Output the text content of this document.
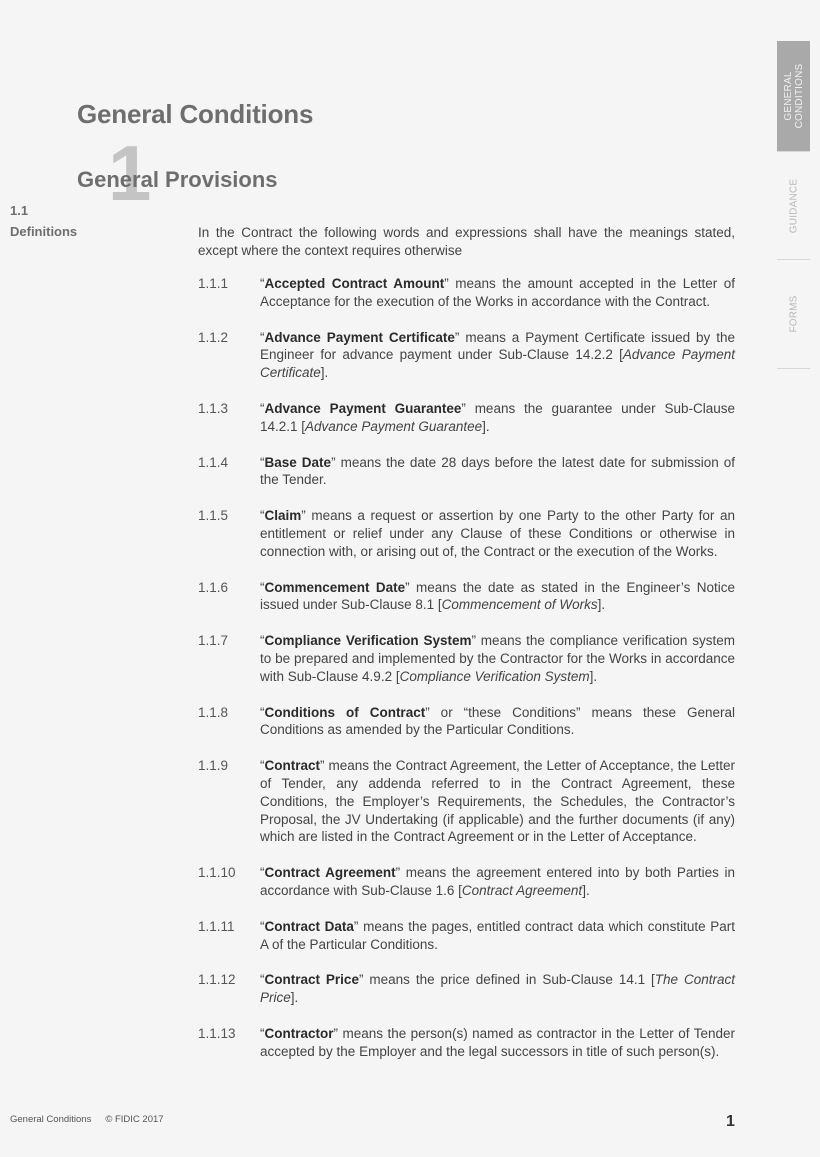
GENERAL
CONDITIONS
GUIDANCE
FORMS
General Conditions
1
General Provisions
1.1
Definitions	In the Contract the following words and expressions shall have the meanings stated, except where the context requires otherwise
1.1.1	“Accepted Contract Amount” means the amount accepted in the Letter of Acceptance for the execution of the Works in accordance with the Contract.
1.1.2	“Advance Payment Certificate” means a Payment Certificate issued by the Engineer for advance payment under Sub-Clause 14.2.2 [Advance Payment Certificate].
1.1.3	“Advance Payment Guarantee” means the guarantee under Sub-Clause 14.2.1 [Advance Payment Guarantee].
1.1.4	“Base Date” means the date 28 days before the latest date for submission of the Tender.
1.1.5	“Claim” means a request or assertion by one Party to the other Party for an entitlement or relief under any Clause of these Conditions or otherwise in connection with, or arising out of, the Contract or the execution of the Works.
1.1.6	“Commencement Date” means the date as stated in the Engineer’s Notice issued under Sub-Clause 8.1 [Commencement of Works].
1.1.7	“Compliance Verification System” means the compliance verification system to be prepared and implemented by the Contractor for the Works in accordance with Sub-Clause 4.9.2 [Compliance Verification System].
1.1.8	“Conditions of Contract” or “these Conditions” means these General Conditions as amended by the Particular Conditions.
1.1.9	“Contract” means the Contract Agreement, the Letter of Acceptance, the Letter of Tender, any addenda referred to in the Contract Agreement, these Conditions, the Employer’s Requirements, the Schedules, the Contractor’s Proposal, the JV Undertaking (if applicable) and the further documents (if any) which are listed in the Contract Agreement or in the Letter of Acceptance.
1.1.10	“Contract Agreement” means the agreement entered into by both Parties in accordance with Sub-Clause 1.6 [Contract Agreement].
1.1.11	“Contract Data” means the pages, entitled contract data which constitute Part A of the Particular Conditions.
1.1.12	“Contract Price” means the price defined in Sub-Clause 14.1 [The Contract Price].
1.1.13	“Contractor” means the person(s) named as contractor in the Letter of Tender accepted by the Employer and the legal successors in title of such person(s).
General Conditions © FIDIC 2017	1
